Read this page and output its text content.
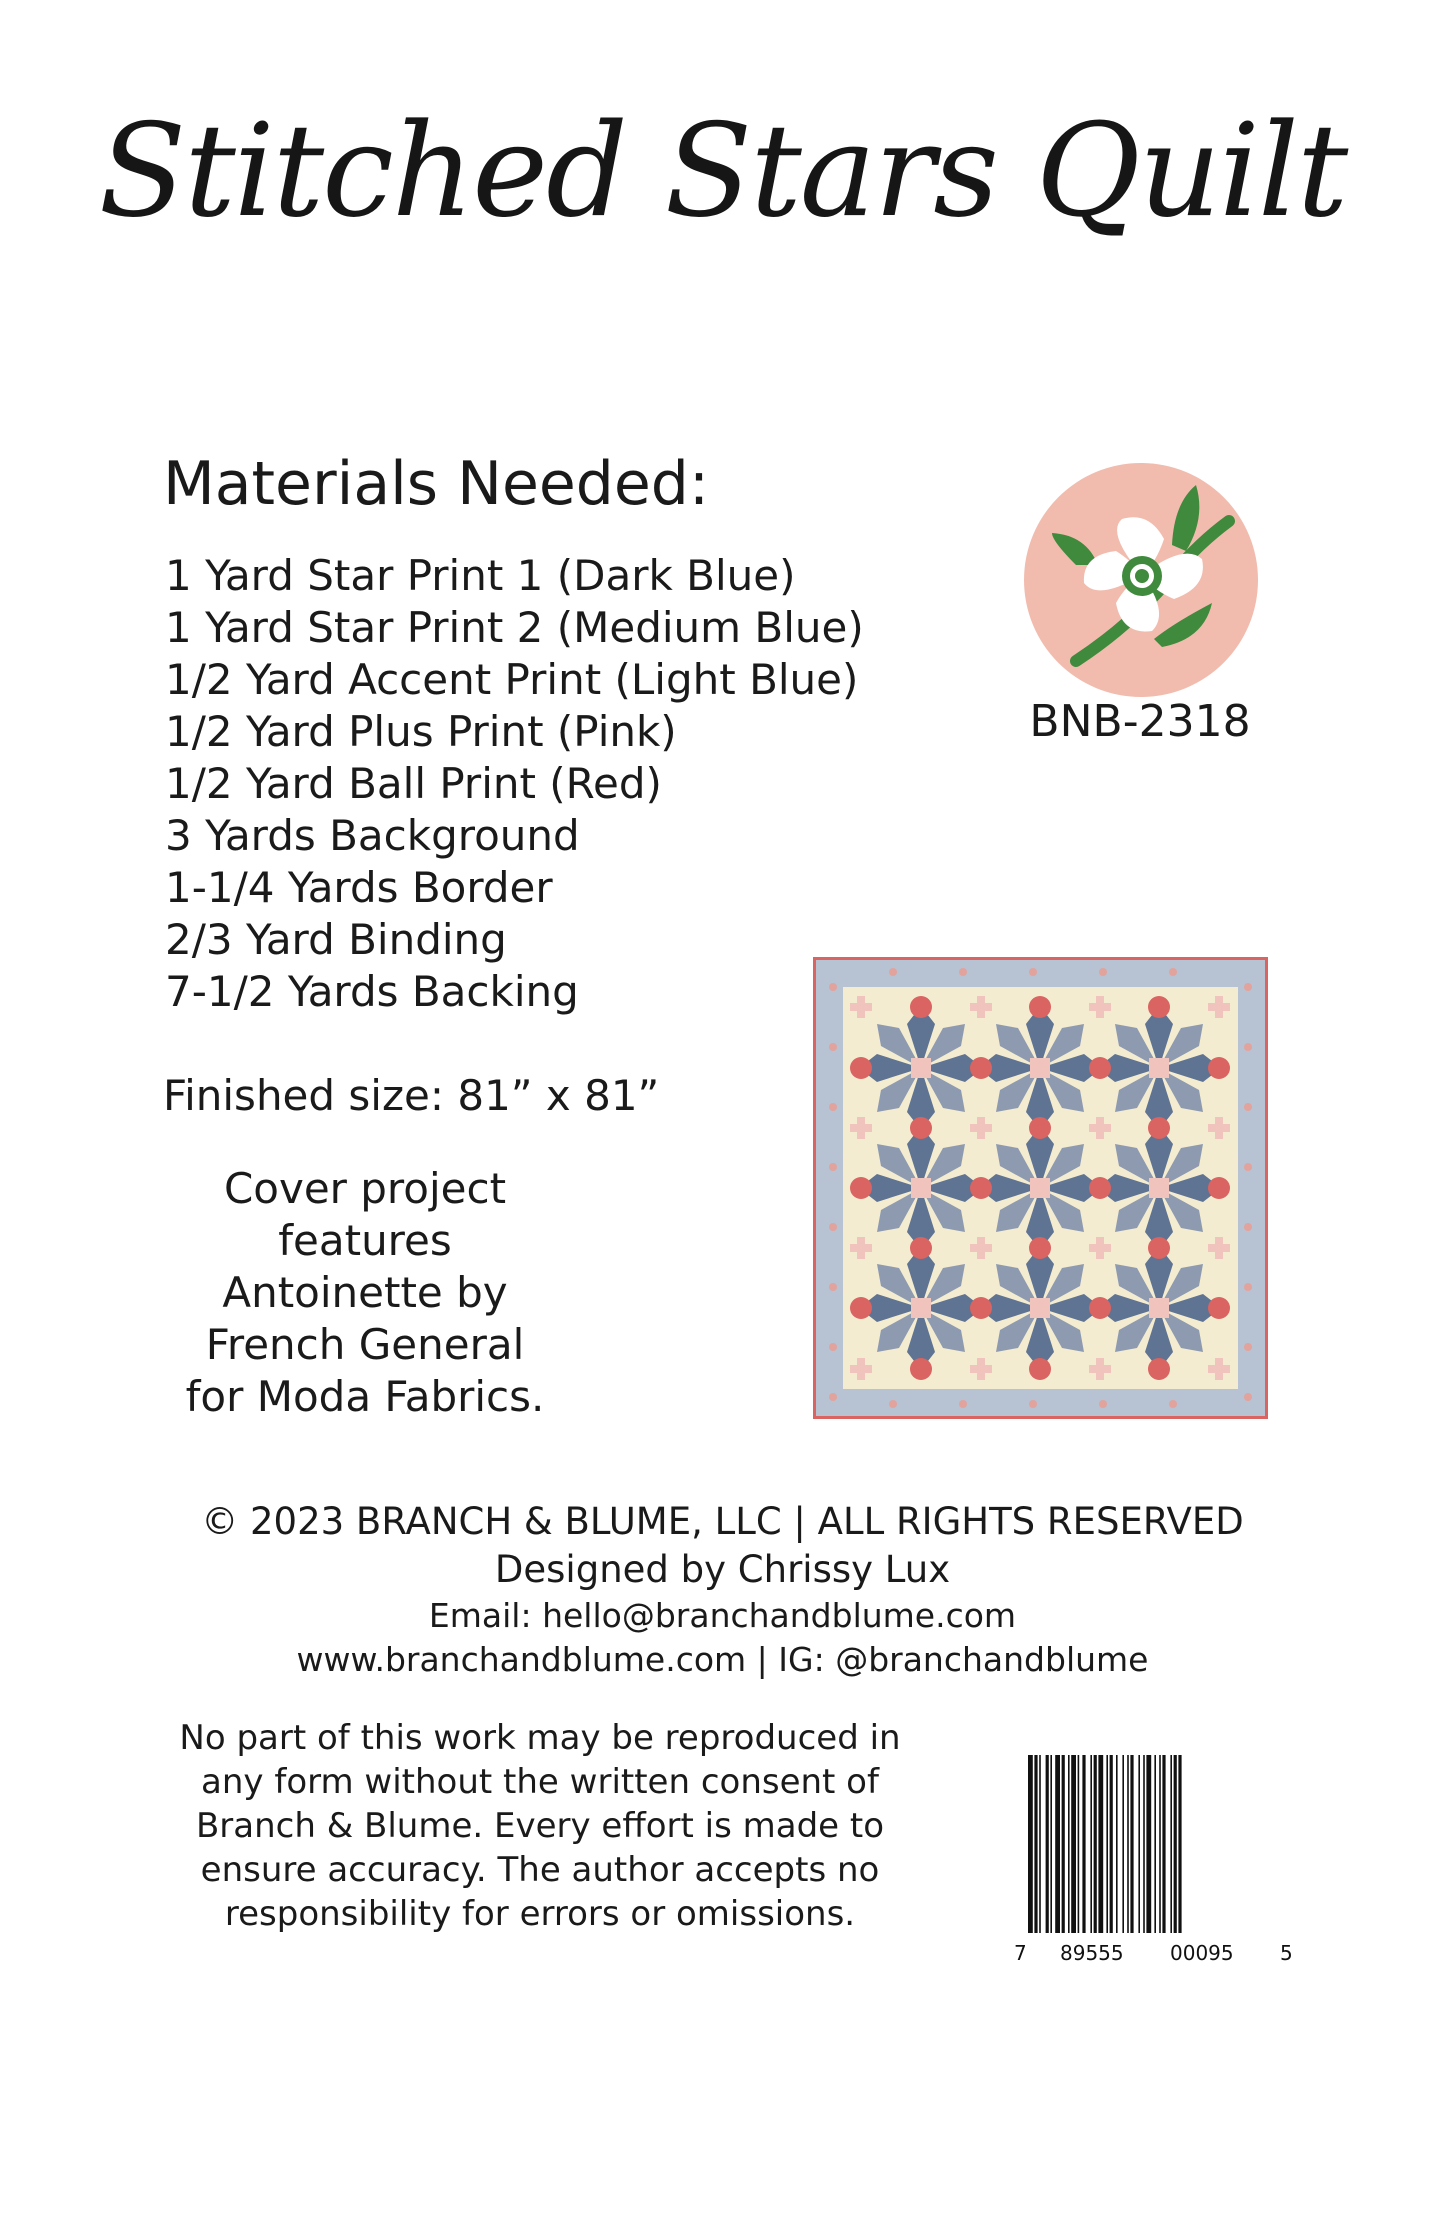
Stitched Stars Quilt
Materials Needed:
1 Yard Star Print 1 (Dark Blue)
1 Yard Star Print 2 (Medium Blue)
1/2 Yard Accent Print (Light Blue)
1/2 Yard Plus Print (Pink)
1/2 Yard Ball Print (Red)
3 Yards Background
1-1/4 Yards Border
2/3 Yard Binding
7-1/2 Yards Backing
Finished size: 81” x 81”
Cover project
features
Antoinette by
French General
for Moda Fabrics.
BNB-2318
© 2023 BRANCH & BLUME, LLC | ALL RIGHTS RESERVED
Designed by Chrissy Lux
Email: hello@branchandblume.com
www.branchandblume.com | IG: @branchandblume
No part of this work may be reproduced in
any form without the written consent of
Branch & Blume. Every effort is made to
ensure accuracy. The author accepts no
responsibility for errors or omissions.
7 89555 00095 5
